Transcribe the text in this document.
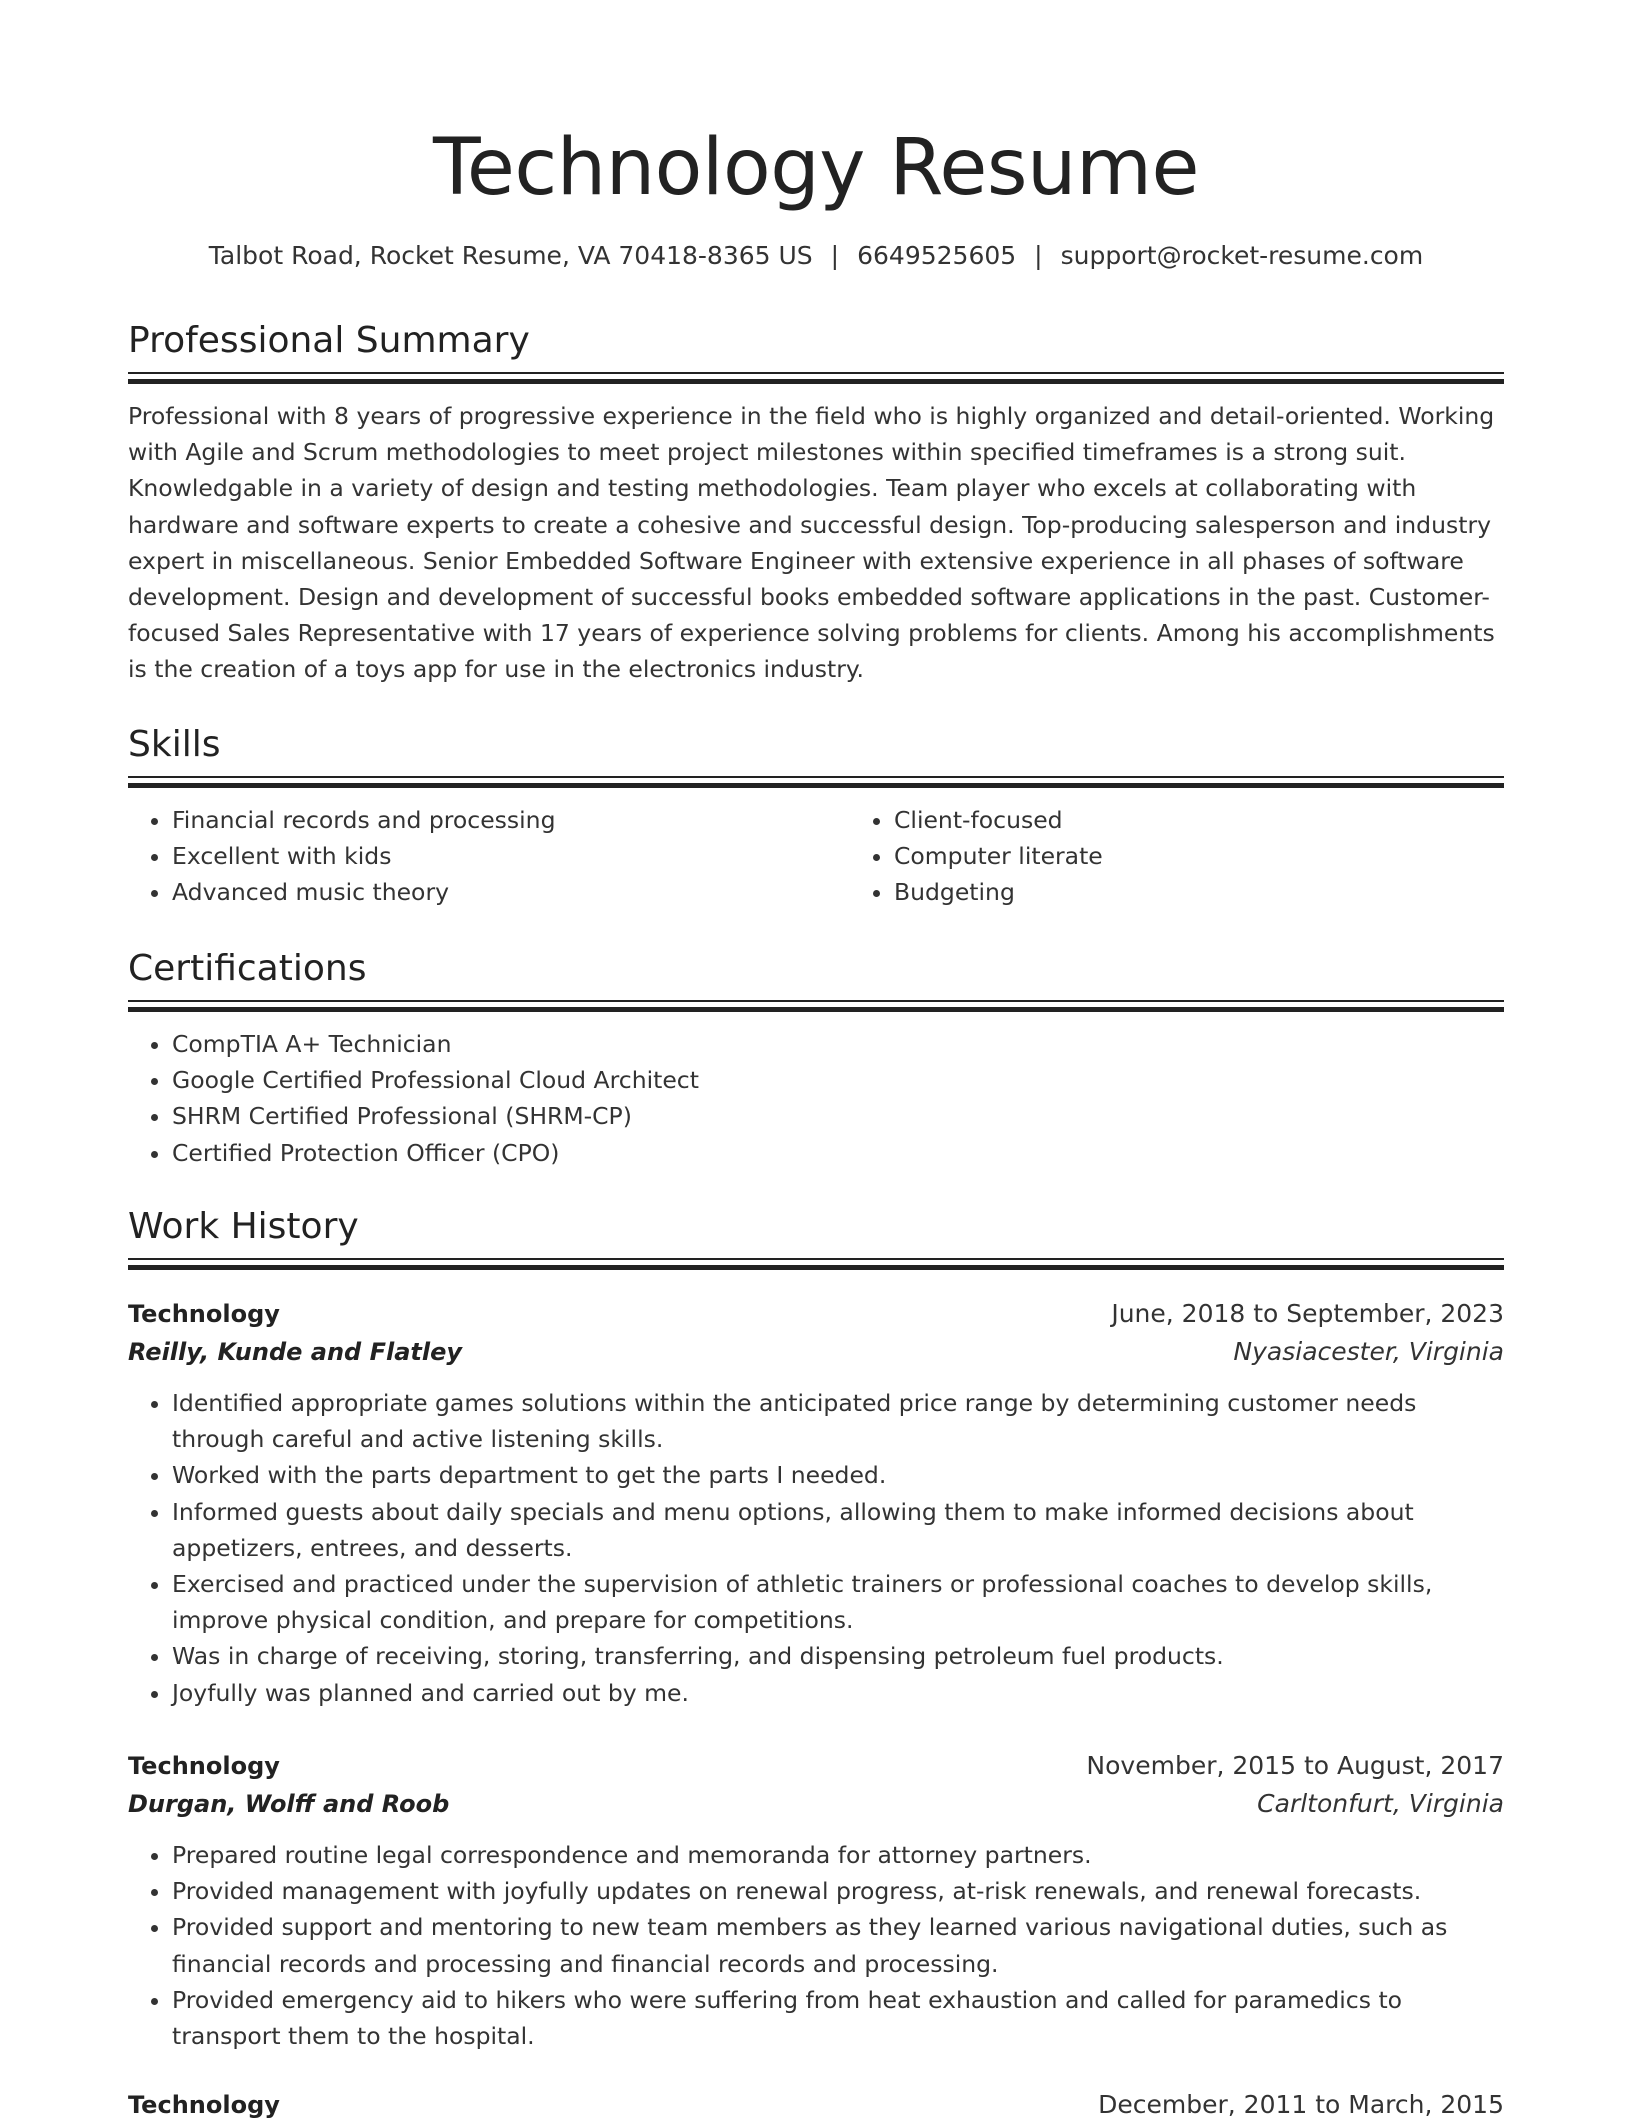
Technology Resume
Talbot Road, Rocket Resume, VA 70418-8365 US | 6649525605 | support@rocket-resume.com
Professional Summary

Professional with 8 years of progressive experience in the field who is highly organized and detail-oriented. Working with Agile and Scrum methodologies to meet project milestones within specified timeframes is a strong suit. Knowledgable in a variety of design and testing methodologies. Team player who excels at collaborating with hardware and software experts to create a cohesive and successful design. Top-producing salesperson and industry expert in miscellaneous. Senior Embedded Software Engineer with extensive experience in all phases of software development. Design and development of successful books embedded software applications in the past. Customer-focused Sales Representative with 17 years of experience solving problems for clients. Among his accomplishments is the creation of a toys app for use in the electronics industry.

Skills
• Financial records and processing
• Excellent with kids
• Advanced music theory
• Client-focused
• Computer literate
• Budgeting
Certifications
• CompTIA A+ Technician
• Google Certified Professional Cloud Architect
• SHRM Certified Professional (SHRM-CP)
• Certified Protection Officer (CPO)
Work History
Technology	June, 2018 to September, 2023
Reilly, Kunde and Flatley	Nyasiacester, Virginia
• Identified appropriate games solutions within the anticipated price range by determining customer needs through careful and active listening skills.
• Worked with the parts department to get the parts I needed.
• Informed guests about daily specials and menu options, allowing them to make informed decisions about appetizers, entrees, and desserts.
• Exercised and practiced under the supervision of athletic trainers or professional coaches to develop skills, improve physical condition, and prepare for competitions.
• Was in charge of receiving, storing, transferring, and dispensing petroleum fuel products.
• Joyfully was planned and carried out by me.
Technology	November, 2015 to August, 2017
Durgan, Wolff and Roob	Carltonfurt, Virginia
• Prepared routine legal correspondence and memoranda for attorney partners.
• Provided management with joyfully updates on renewal progress, at-risk renewals, and renewal forecasts.
• Provided support and mentoring to new team members as they learned various navigational duties, such as financial records and processing and financial records and processing.
• Provided emergency aid to hikers who were suffering from heat exhaustion and called for paramedics to transport them to the hospital.
Technology	December, 2011 to March, 2015
